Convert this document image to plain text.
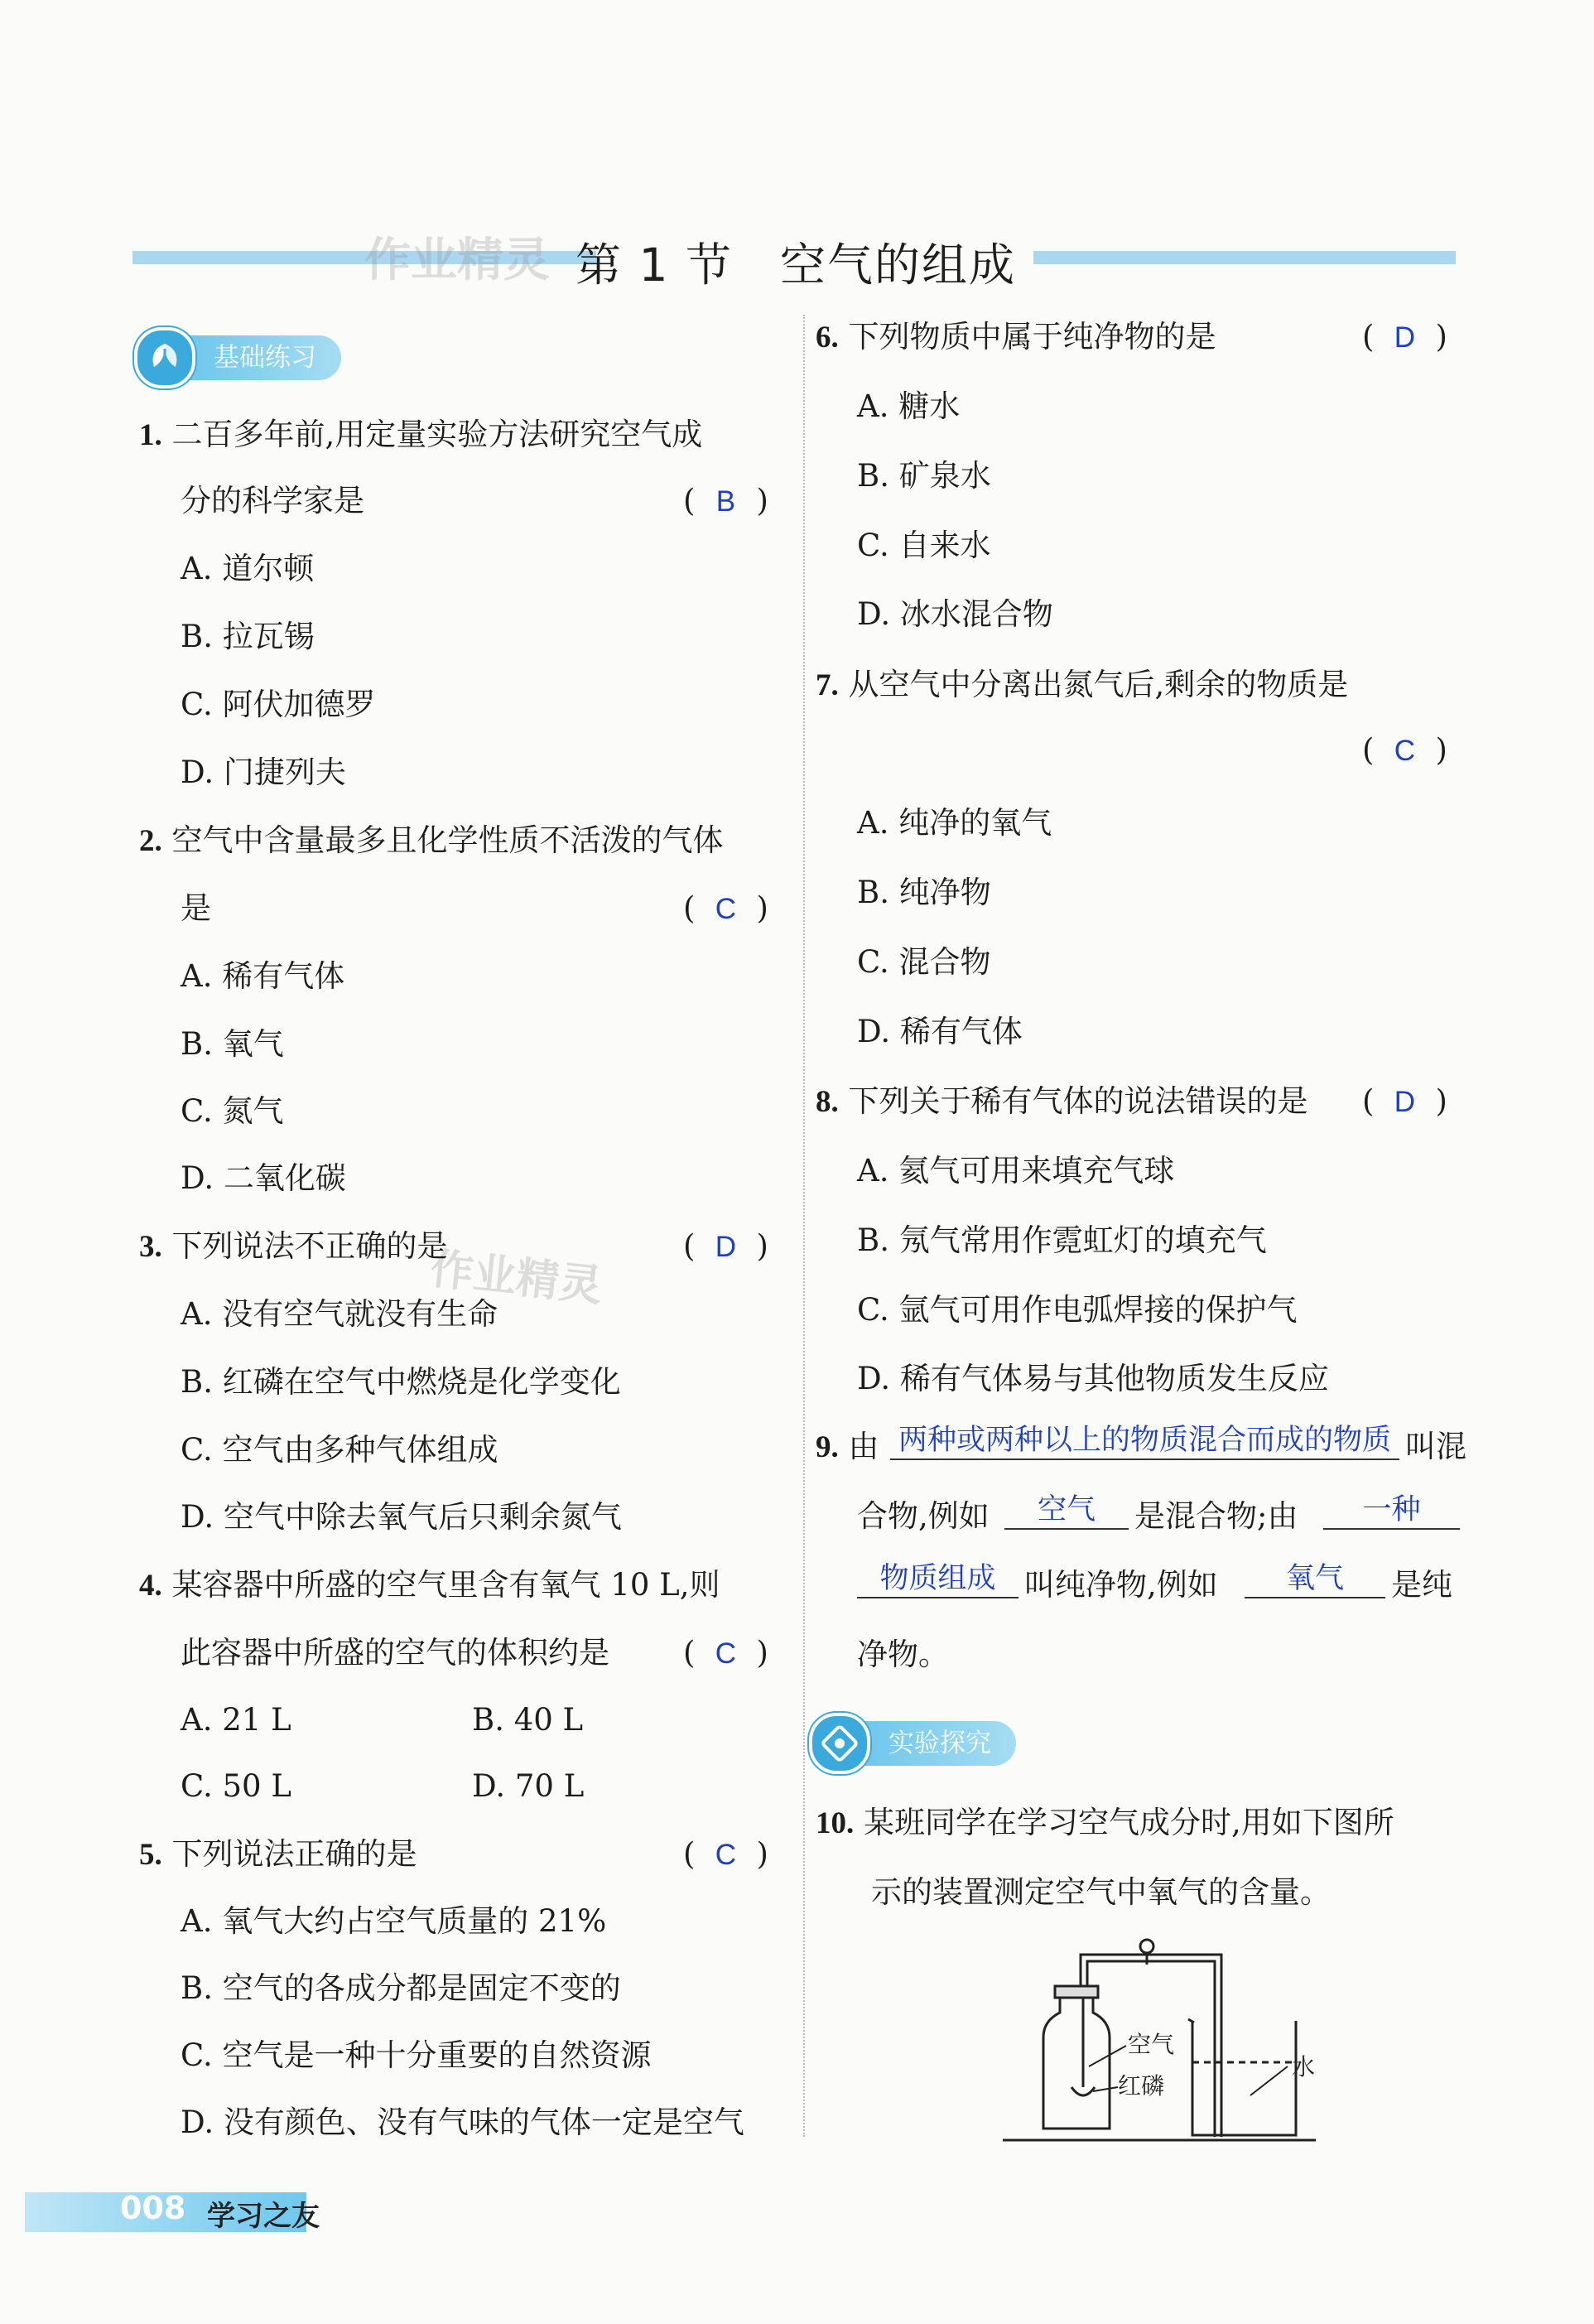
作业精灵 第 1 节　空气的组成
作业精灵
基础练习
1. 二百多年前,用定量实验方法研究空气成
分的科学家是	( B )
A. 道尔顿
B. 拉瓦锡
C. 阿伏加德罗
D. 门捷列夫
2. 空气中含量最多且化学性质不活泼的气体
是	( C )
A. 稀有气体
B. 氧气
C. 氮气
D. 二氧化碳
3. 下列说法不正确的是	( D )
A. 没有空气就没有生命
B. 红磷在空气中燃烧是化学变化
C. 空气由多种气体组成
D. 空气中除去氧气后只剩余氮气
4. 某容器中所盛的空气里含有氧气 10 L,则
此容器中所盛的空气的体积约是 ( C )
A. 21 L	B. 40 L
C. 50 L	D. 70 L
5. 下列说法正确的是	( C )
A. 氧气大约占空气质量的 21%
B. 空气的各成分都是固定不变的
C. 空气是一种十分重要的自然资源
D. 没有颜色、没有气味的气体一定是空气
6. 下列物质中属于纯净物的是	( D )
A. 糖水
B. 矿泉水
C. 自来水
D. 冰水混合物
7. 从空气中分离出氮气后,剩余的物质是
( C )
A. 纯净的氧气
B. 纯净物
C. 混合物
D. 稀有气体
8. 下列关于稀有气体的说法错误的是 ( D )
A. 氦气可用来填充气球
B. 氖气常用作霓虹灯的填充气
C. 氩气可用作电弧焊接的保护气
D. 稀有气体易与其他物质发生反应
9. 由 两种或两种以上的物质混合而成的物质 叫混
合物,例如	空气	是混合物;由	一种
物质组成 叫纯净物,例如	氧气	是纯
净物。
实验探究
10. 某班同学在学习空气成分时,用如下图所
示的装置测定空气中氧气的含量。
空气
红磷
水
008 学习之友
